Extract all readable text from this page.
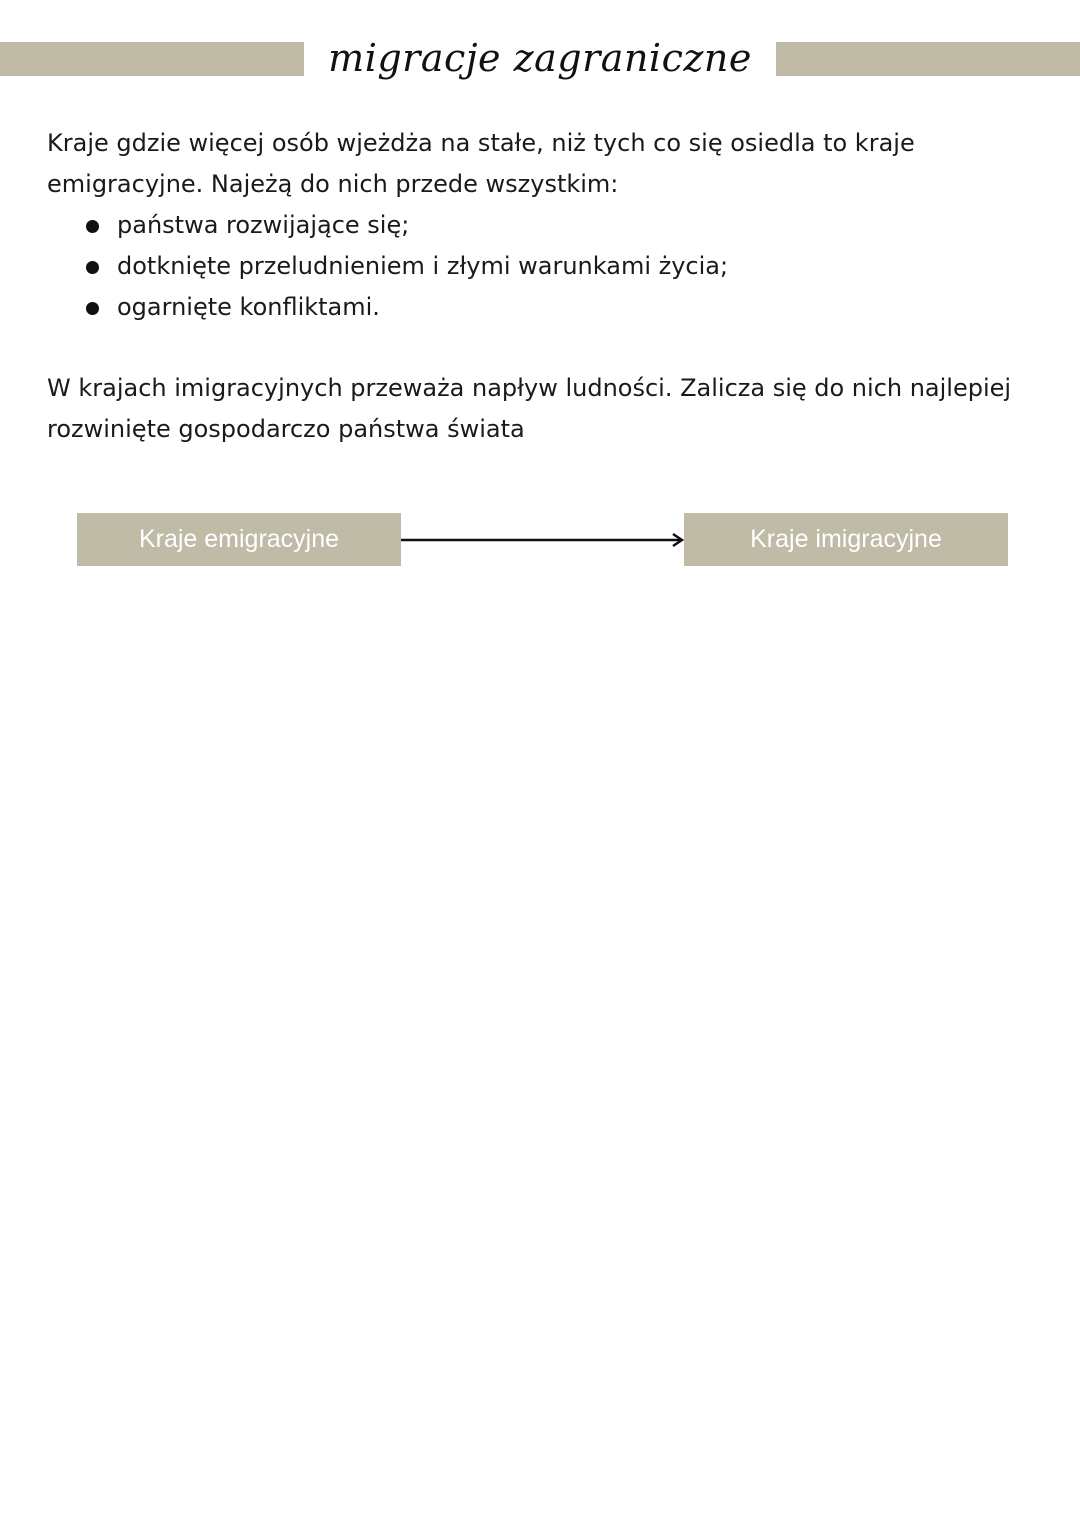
migracje zagraniczne

Kraje gdzie więcej osób wjeżdża na stałe, niż tych co się osiedla to kraje

emigracyjne. Najeżą do nich przede wszystkim:

państwa rozwijające się;
dotknięte przeludnieniem i złymi warunkami życia;
ogarnięte konfliktami.

W krajach imigracyjnych przeważa napływ ludności. Zalicza się do nich najlepiej

rozwinięte gospodarczo państwa świata

Kraje emigracyjne	Kraje imigracyjne
